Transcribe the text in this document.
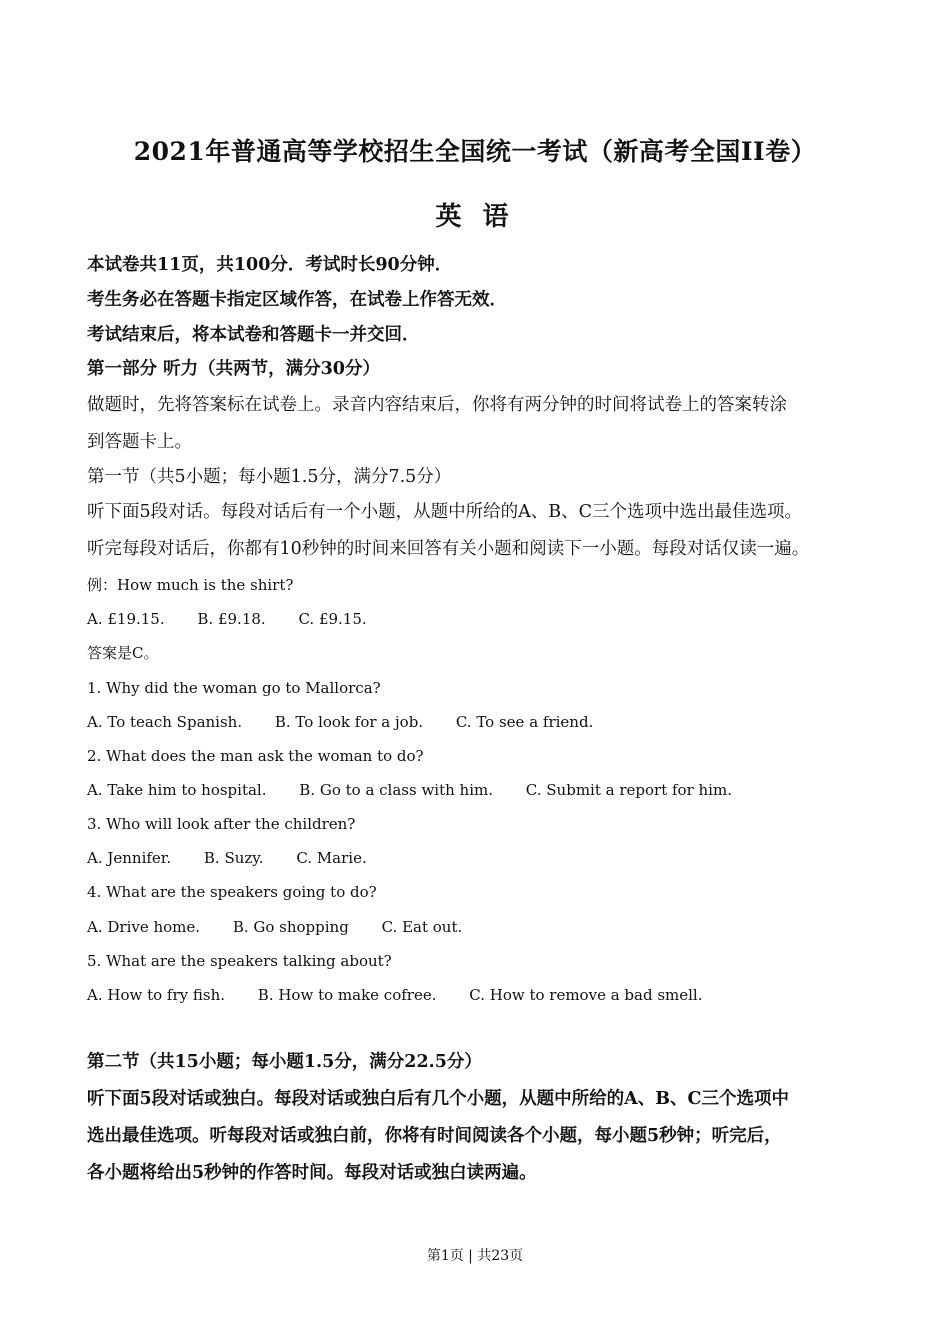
2021年普通高等学校招生全国统一考试（新高考全国II卷）
英 语
本试卷共11页，共100分．考试时长90分钟．
考生务必在答题卡指定区域作答，在试卷上作答无效．
考试结束后，将本试卷和答题卡一并交回．
第一部分 听力（共两节，满分30分）
做题时，先将答案标在试卷上。录音内容结束后，你将有两分钟的时间将试卷上的答案转涂
到答题卡上。
第一节（共5小题；每小题1.5分，满分7.5分）
听下面5段对话。每段对话后有一个小题，从题中所给的A、B、C三个选项中选出最佳选项。
听完每段对话后，你都有10秒钟的时间来回答有关小题和阅读下一小题。每段对话仅读一遍。
例：How much is the shirt?
A. £19.15. B. £9.18. C. £9.15.
答案是C。
1. Why did the woman go to Mallorca?
A. To teach Spanish. B. To look for a job. C. To see a friend.
2. What does the man ask the woman to do?
A. Take him to hospital. B. Go to a class with him. C. Submit a report for him.
3. Who will look after the children?
A. Jennifer. B. Suzy. C. Marie.
4. What are the speakers going to do?
A. Drive home. B. Go shopping C. Eat out.
5. What are the speakers talking about?
A. How to fry fish. B. How to make cofree. C. How to remove a bad smell.
第二节（共15小题；每小题1.5分，满分22.5分）
听下面5段对话或独白。每段对话或独白后有几个小题，从题中所给的A、B、C三个选项中
选出最佳选项。听每段对话或独白前，你将有时间阅读各个小题，每小题5秒钟；听完后，
各小题将给出5秒钟的作答时间。每段对话或独白读两遍。
第1页 | 共23页
